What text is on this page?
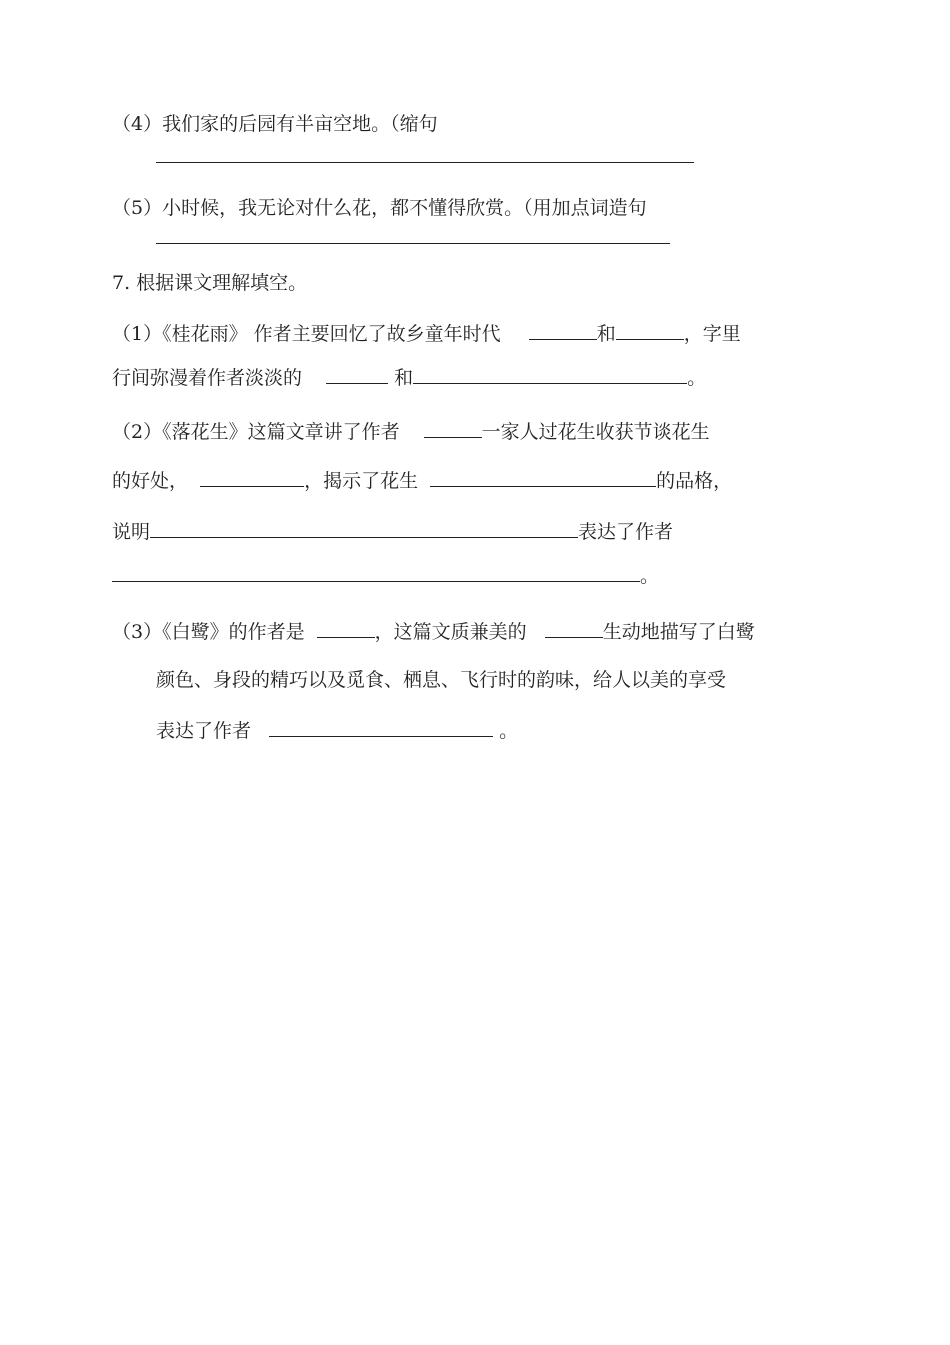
（4）我们家的后园有半亩空地。（缩句
（5）小时候，我无论对什么花，都不懂得欣赏。（用加点词造句
7. 根据课文理解填空。
（1）《桂花雨》 作者主要回忆了故乡童年时代	和	，字里
行间弥漫着作者淡淡的	和	。
（2）《落花生》这篇文章讲了作者	一家人过花生收获节谈花生
的好处，	，揭示了花生	的品格，
说明	表达了作者
。
（3）《白鹭》的作者是	，这篇文质兼美的	生动地描写了白鹭
颜色、身段的精巧以及觅食、栖息、飞行时的韵味，给人以美的享受
表达了作者	。
